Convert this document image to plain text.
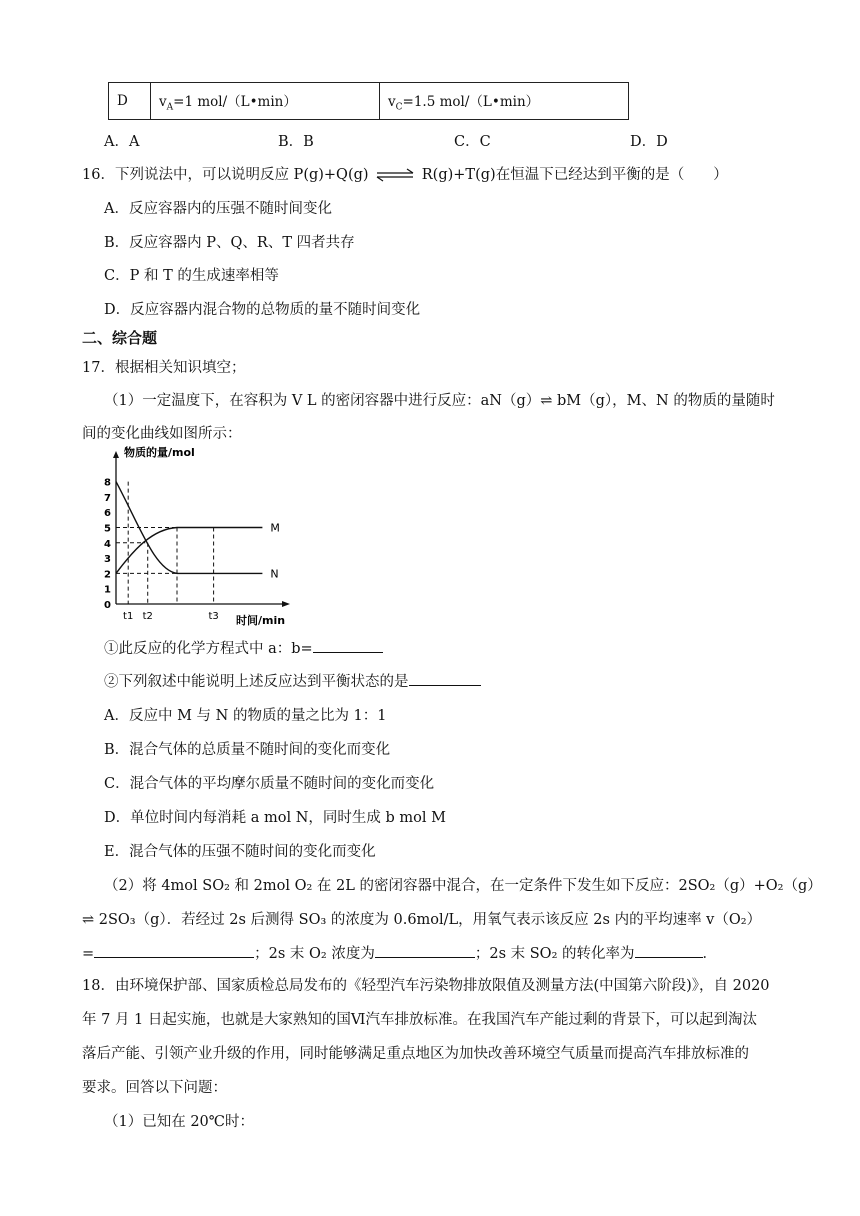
D	$v_A=1$ mol/（L•min）	$v_C=1.5$ mol/（L•min）
A．A	B．B	C．C	D．D
16．下列说法中，可以说明反应 P(g)+Q(g) ⇌ R(g)+T(g)在恒温下已经达到平衡的是（　　）
A．反应容器内的压强不随时间变化
B．反应容器内 P、Q、R、T 四者共存
C．P 和 T 的生成速率相等
D．反应容器内混合物的总物质的量不随时间变化
二、综合题
17．根据相关知识填空；
（1）一定温度下，在容积为 V L 的密闭容器中进行反应：aN（g）⇌ bM（g），M、N 的物质的量随时
间的变化曲线如图所示：
0
1
2
3
4
5
6
7
8
物质的量/mol
时间/min
t1 t2	t3
M
N
①此反应的化学方程式中 a：b=
②下列叙述中能说明上述反应达到平衡状态的是
A．反应中 M 与 N 的物质的量之比为 1：1
B．混合气体的总质量不随时间的变化而变化
C．混合气体的平均摩尔质量不随时间的变化而变化
D．单位时间内每消耗 a mol N，同时生成 b mol M
E．混合气体的压强不随时间的变化而变化
（2）将 4mol SO₂ 和 2mol O₂ 在 2L 的密闭容器中混合，在一定条件下发生如下反应：2SO₂（g）+O₂（g）
⇌ 2SO₃（g）．若经过 2s 后测得 SO₃ 的浓度为 0.6mol/L，用氧气表示该反应 2s 内的平均速率 v（O₂）
=	；2s 末 O₂ 浓度为	；2s 末 SO₂ 的转化率为	．
18．由环境保护部、国家质检总局发布的《轻型汽车污染物排放限值及测量方法(中国第六阶段)》，自 2020
年 7 月 1 日起实施，也就是大家熟知的国Ⅵ汽车排放标准。在我国汽车产能过剩的背景下，可以起到淘汰
落后产能、引领产业升级的作用，同时能够满足重点地区为加快改善环境空气质量而提高汽车排放标准的
要求。回答以下问题：
（1）已知在 20℃时：
